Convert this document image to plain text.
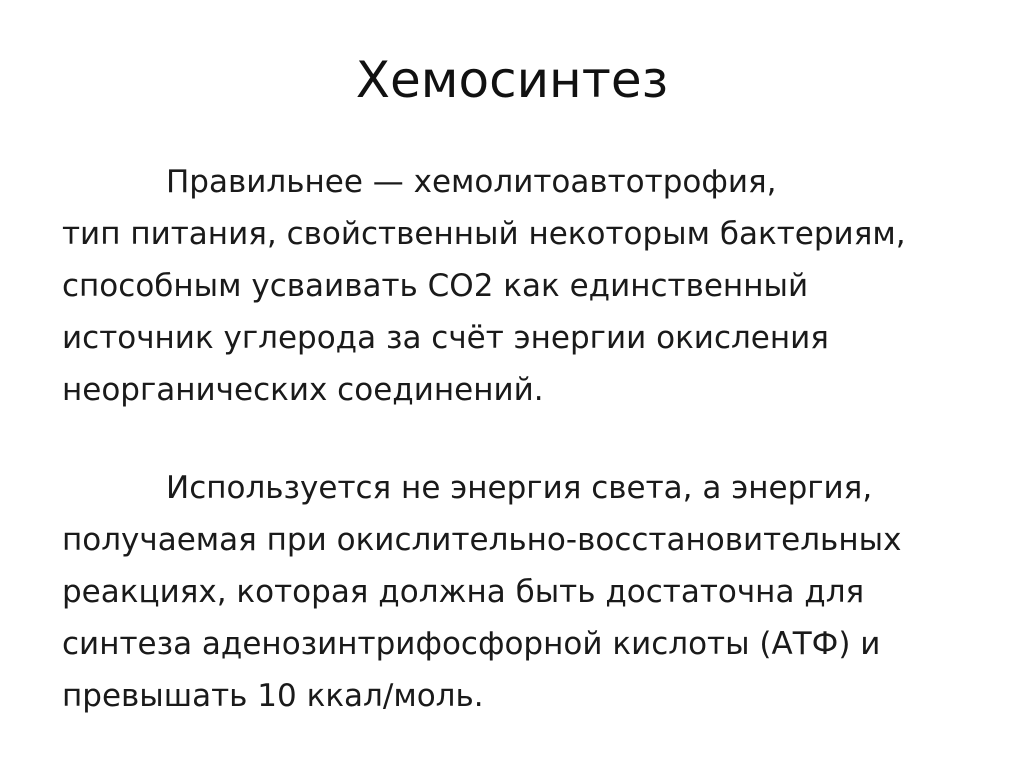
Хемосинтез
Правильнее — хемолитоавтотрофия,
тип питания, свойственный некоторым бактериям,
способным усваивать CO2 как единственный
источник углерода за счёт энергии окисления
неорганических соединений.
Используется не энергия света, а энергия,
получаемая при окислительно-восстановительных
реакциях, которая должна быть достаточна для
синтеза аденозинтрифосфорной кислоты (АТФ) и
превышать 10 ккал/моль.
